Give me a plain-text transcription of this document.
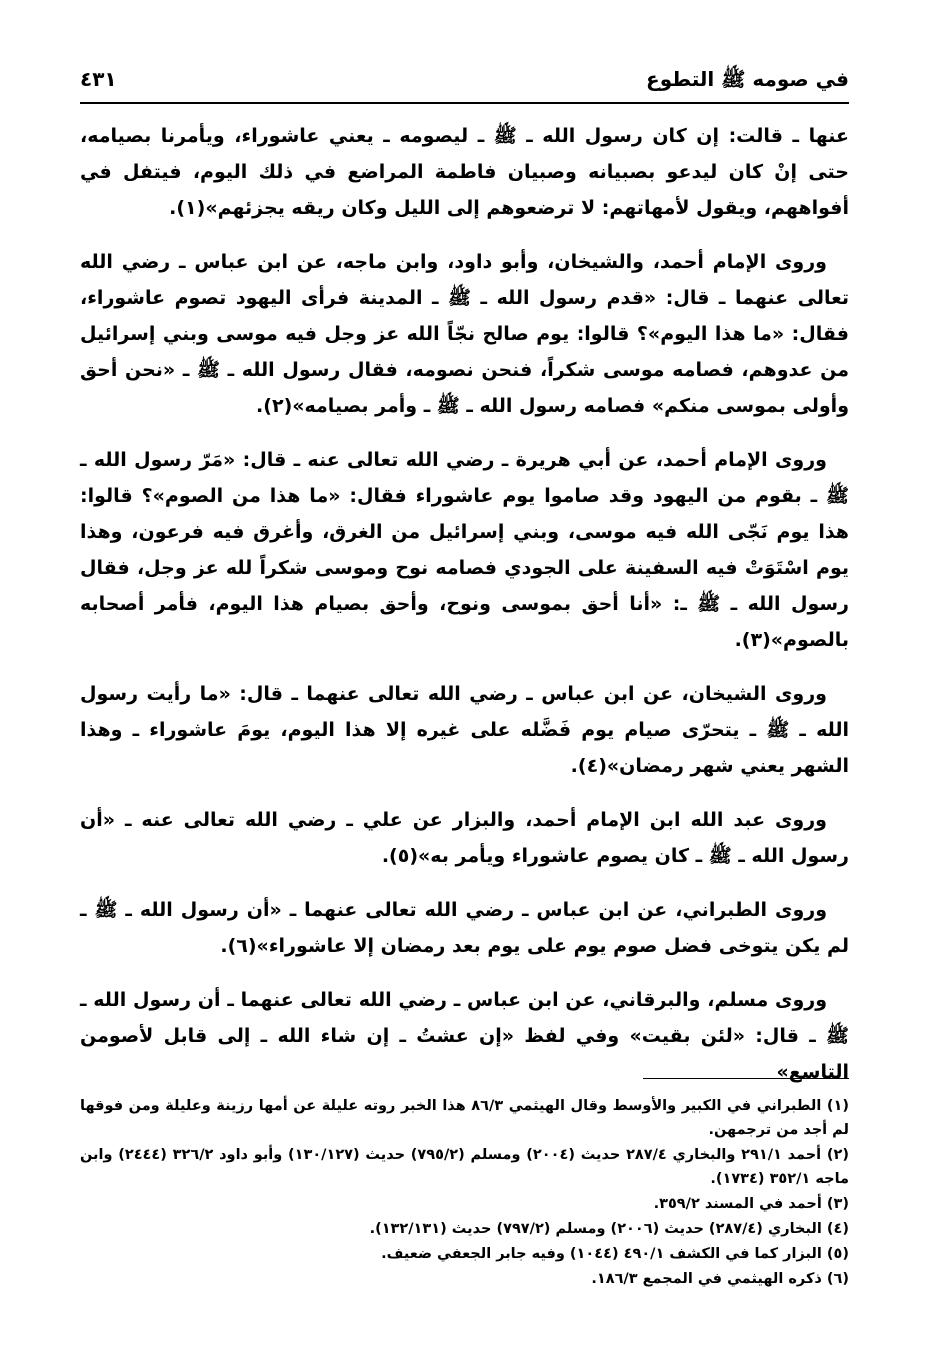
في صومه ﷺ التطوع
٤٣١

عنها ـ قالت: إن كان رسول الله ـ ﷺ ـ ليصومه ـ يعني عاشوراء، ويأمرنا بصيامه، حتى إنْ كان ليدعو بصبيانه وصبيان فاطمة المراضع في ذلك اليوم، فيتفل في أفواههم، ويقول لأمهاتهم: لا ترضعوهم إلى الليل وكان ريقه يجزئهم»(١).

وروى الإمام أحمد، والشيخان، وأبو داود، وابن ماجه، عن ابن عباس ـ رضي الله تعالى عنهما ـ قال: «قدم رسول الله ـ ﷺ ـ المدينة فرأى اليهود تصوم عاشوراء، فقال: «ما هذا اليوم»؟ قالوا: يوم صالح نجّاً الله عز وجل فيه موسى وبني إسرائيل من عدوهم، فصامه موسى شكراً، فنحن نصومه، فقال رسول الله ـ ﷺ ـ «نحن أحق وأولى بموسى منكم» فصامه رسول الله ـ ﷺ ـ وأمر بصيامه»(٢).

وروى الإمام أحمد، عن أبي هريرة ـ رضي الله تعالى عنه ـ قال: «مَرّ رسول الله ـ ﷺ ـ بقوم من اليهود وقد صاموا يوم عاشوراء فقال: «ما هذا من الصوم»؟ قالوا: هذا يوم نَجّى الله فيه موسى، وبني إسرائيل من الغرق، وأغرق فيه فرعون، وهذا يوم اسْتَوَتْ فيه السفينة على الجودي فصامه نوح وموسى شكراً لله عز وجل، فقال رسول الله ـ ﷺ ـ: «أنا أحق بموسى ونوح، وأحق بصيام هذا اليوم، فأمر أصحابه بالصوم»(٣).

وروى الشيخان، عن ابن عباس ـ رضي الله تعالى عنهما ـ قال: «ما رأيت رسول الله ـ ﷺ ـ يتحرّى صيام يوم فَضَّله على غيره إلا هذا اليوم، يومَ عاشوراء ـ وهذا الشهر يعني شهر رمضان»(٤).

وروى عبد الله ابن الإمام أحمد، والبزار عن علي ـ رضي الله تعالى عنه ـ «أن رسول الله ـ ﷺ ـ كان يصوم عاشوراء ويأمر به»(٥).

وروى الطبراني، عن ابن عباس ـ رضي الله تعالى عنهما ـ «أن رسول الله ـ ﷺ ـ لم يكن يتوخى فضل صوم يوم على يوم بعد رمضان إلا عاشوراء»(٦).

وروى مسلم، والبرقاني، عن ابن عباس ـ رضي الله تعالى عنهما ـ أن رسول الله ـ ﷺ ـ قال: «لئن بقيت» وفي لفظ «إن عشتُ ـ إن شاء الله ـ إلى قابل لأصومن التاسع»

(١) الطبراني في الكبير والأوسط وقال الهيثمي ٨٦/٣ هذا الخبر روته عليلة عن أمها رزينة وعليلة ومن فوقها لم أجد من ترجمهن.

(٢) أحمد ٢٩١/١ والبخاري ٢٨٧/٤ حديث (٢٠٠٤) ومسلم (٧٩٥/٢) حديث (١٣٠/١٢٧) وأبو داود ٣٢٦/٢ (٢٤٤٤) وابن ماجه ٣٥٢/١ (١٧٣٤).

(٣) أحمد في المسند ٣٥٩/٢.

(٤) البخاري (٢٨٧/٤) حديث (٢٠٠٦) ومسلم (٧٩٧/٢) حديث (١٣٢/١٣١).

(٥) البزار كما في الكشف ٤٩٠/١ (١٠٤٤) وفيه جابر الجعفي ضعيف.

(٦) ذكره الهيثمي في المجمع ١٨٦/٣.
